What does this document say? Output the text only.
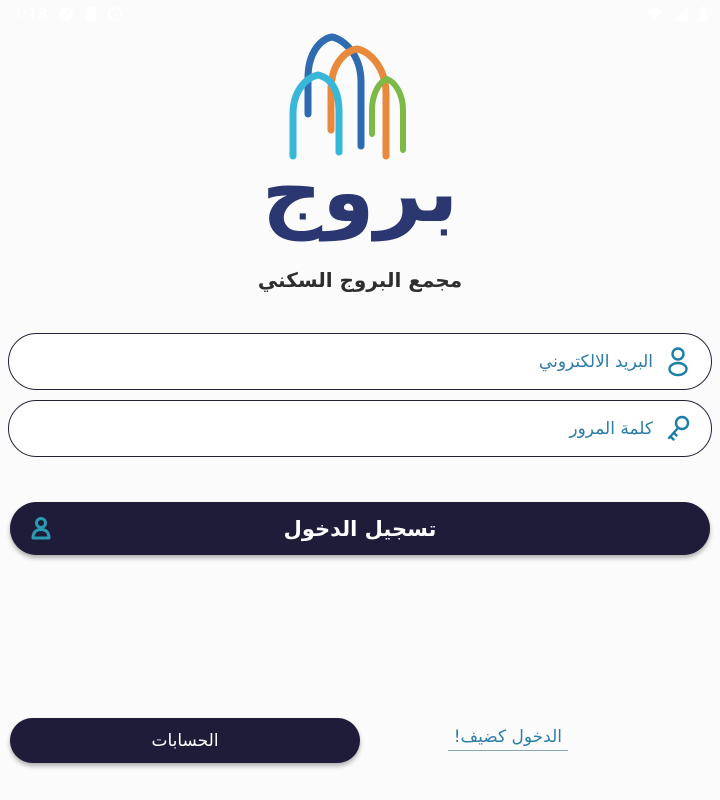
3:18
بروج
مجمع البروج السكني
البريد الالكتروني
تسجيل الدخول
الحسابات	الدخول كضيف!
